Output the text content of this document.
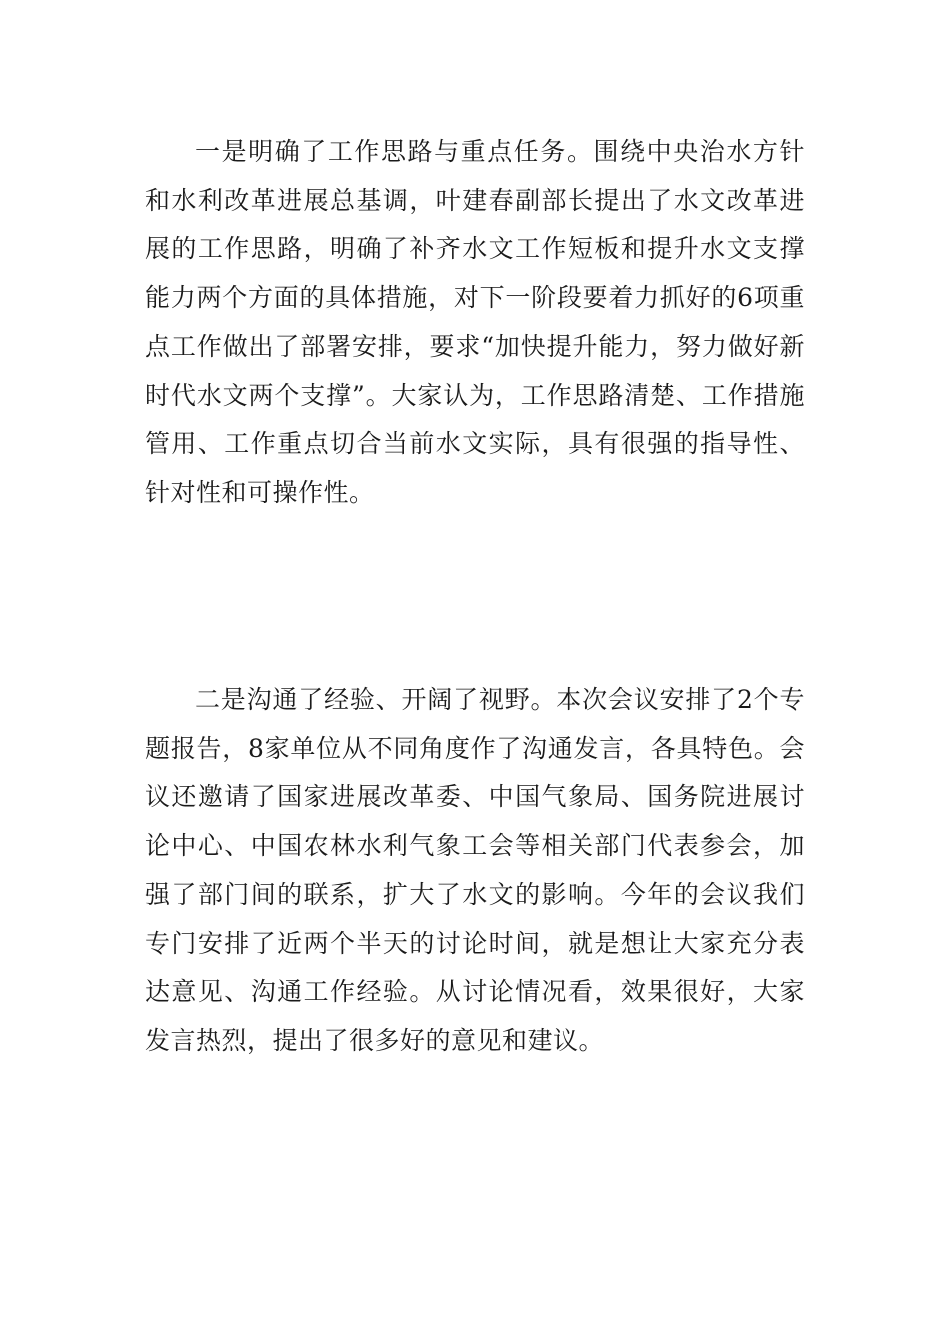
一是明确了工作思路与重点任务。围绕中央治水方针和水利改革进展总基调，叶建春副部长提出了水文改革进展的工作思路，明确了补齐水文工作短板和提升水文支撑能力两个方面的具体措施，对下一阶段要着力抓好的6项重点工作做出了部署安排，要求“加快提升能力，努力做好新时代水文两个支撑”。大家认为，工作思路清楚、工作措施管用、工作重点切合当前水文实际，具有很强的指导性、针对性和可操作性。

二是沟通了经验、开阔了视野。本次会议安排了2个专题报告，8家单位从不同角度作了沟通发言，各具特色。会议还邀请了国家进展改革委、中国气象局、国务院进展讨论中心、中国农林水利气象工会等相关部门代表参会，加强了部门间的联系，扩大了水文的影响。今年的会议我们专门安排了近两个半天的讨论时间，就是想让大家充分表达意见、沟通工作经验。从讨论情况看，效果很好，大家发言热烈，提出了很多好的意见和建议。
